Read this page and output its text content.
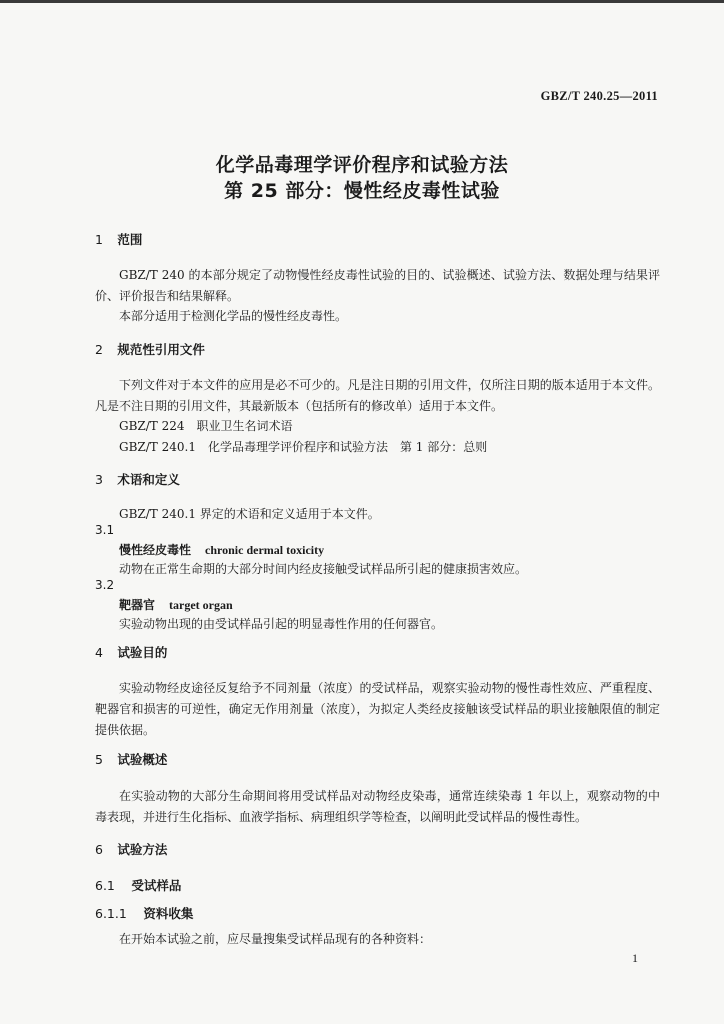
GBZ/T 240.25—2011
化学品毒理学评价程序和试验方法
第 25 部分：慢性经皮毒性试验
1 范围
GBZ/T 240 的本部分规定了动物慢性经皮毒性试验的目的、试验概述、试验方法、数据处理与结果评价、评价报告和结果解释。
本部分适用于检测化学品的慢性经皮毒性。
2 规范性引用文件
下列文件对于本文件的应用是必不可少的。凡是注日期的引用文件，仅所注日期的版本适用于本文件。凡是不注日期的引用文件，其最新版本（包括所有的修改单）适用于本文件。
GBZ/T 224　职业卫生名词术语
GBZ/T 240.1　化学品毒理学评价程序和试验方法　第 1 部分：总则
3 术语和定义
GBZ/T 240.1 界定的术语和定义适用于本文件。
3.1
慢性经皮毒性 chronic dermal toxicity
动物在正常生命期的大部分时间内经皮接触受试样品所引起的健康损害效应。
3.2
靶器官 target organ
实验动物出现的由受试样品引起的明显毒性作用的任何器官。
4 试验目的
实验动物经皮途径反复给予不同剂量（浓度）的受试样品，观察实验动物的慢性毒性效应、严重程度、靶器官和损害的可逆性，确定无作用剂量（浓度），为拟定人类经皮接触该受试样品的职业接触限值的制定提供依据。
5 试验概述
在实验动物的大部分生命期间将用受试样品对动物经皮染毒，通常连续染毒 1 年以上，观察动物的中毒表现，并进行生化指标、血液学指标、病理组织学等检查，以阐明此受试样品的慢性毒性。
6 试验方法
6.1 受试样品
6.1.1 资料收集
在开始本试验之前，应尽量搜集受试样品现有的各种资料：
1
